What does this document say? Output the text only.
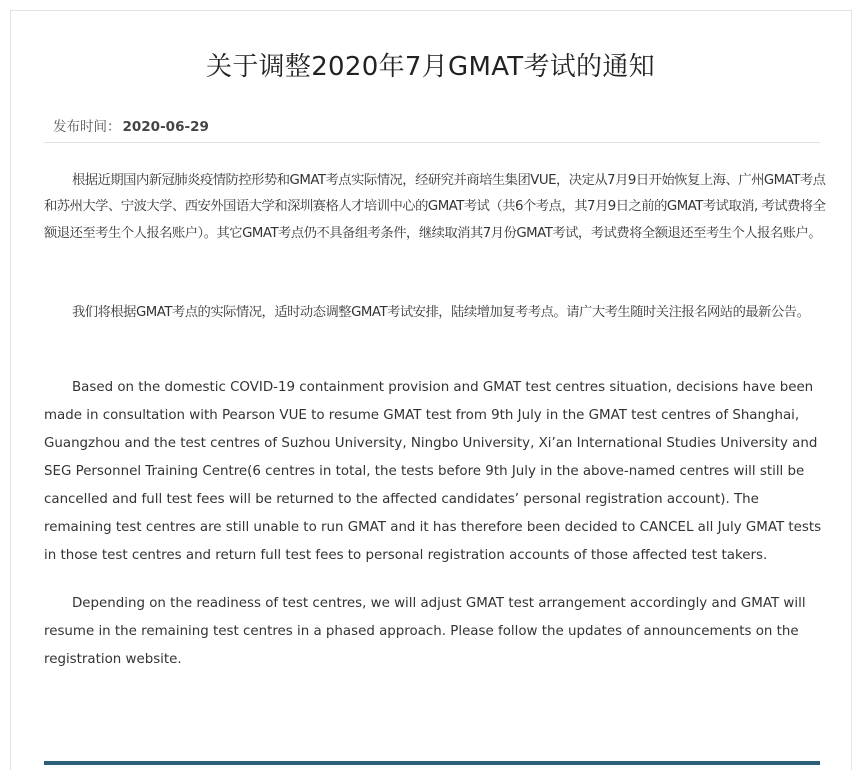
关于调整2020年7月GMAT考试的通知
发布时间： 2020-06-29

根据近期国内新冠肺炎疫情防控形势和GMAT考点实际情况，经研究并商培生集团VUE，决定从7月9日开始恢复上海、广州GMAT考点和苏州大学、宁波大学、西安外国语大学和深圳赛格人才培训中心的GMAT考试（共6个考点，其7月9日之前的GMAT考试取消, 考试费将全额退还至考生个人报名账户）。其它GMAT考点仍不具备组考条件，继续取消其7月份GMAT考试，考试费将全额退还至考生个人报名账户。

我们将根据GMAT考点的实际情况，适时动态调整GMAT考试安排，陆续增加复考考点。请广大考生随时关注报名网站的最新公告。

Based on the domestic COVID-19 containment provision and GMAT test centres situation, decisions have been made in consultation with Pearson VUE to resume GMAT test from 9th July in the GMAT test centres of Shanghai, Guangzhou and the test centres of Suzhou University, Ningbo University, Xi’an International Studies University and SEG Personnel Training Centre(6 centres in total, the tests before 9th July in the above-named centres will still be cancelled and full test fees will be returned to the affected candidates’ personal registration account). The remaining test centres are still unable to run GMAT and it has therefore been decided to CANCEL all July GMAT tests in those test centres and return full test fees to personal registration accounts of those affected test takers.

Depending on the readiness of test centres, we will adjust GMAT test arrangement accordingly and GMAT will resume in the remaining test centres in a phased approach. Please follow the updates of announcements on the registration website.
